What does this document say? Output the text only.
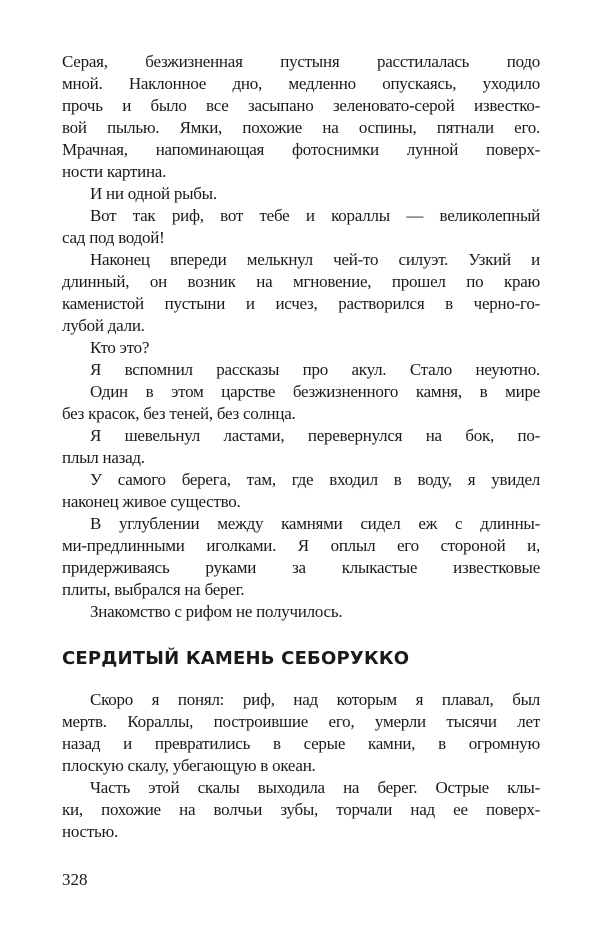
Серая, безжизненная пустыня расстилалась подо
мной. Наклонное дно, медленно опускаясь, уходило
прочь и было все засыпано зеленовато-серой известко-
вой пылью. Ямки, похожие на оспины, пятнали его.
Мрачная, напоминающая фотоснимки лунной поверх-
ности картина.
И ни одной рыбы.
Вот так риф, вот тебе и кораллы — великолепный
сад под водой!
Наконец впереди мелькнул чей-то силуэт. Узкий и
длинный, он возник на мгновение, прошел по краю
каменистой пустыни и исчез, растворился в черно-го-
лубой дали.
Кто это?
Я вспомнил рассказы про акул. Стало неуютно.
Один в этом царстве безжизненного камня, в мире
без красок, без теней, без солнца.
Я шевельнул ластами, перевернулся на бок, по-
плыл назад.
У самого берега, там, где входил в воду, я увидел
наконец живое существо.
В углублении между камнями сидел еж с длинны-
ми-предлинными иголками. Я оплыл его стороной и,
придерживаясь руками за клыкастые известковые
плиты, выбрался на берег.
Знакомство с рифом не получилось.
СЕРДИТЫЙ КАМЕНЬ СЕБОРУККО
Скоро я понял: риф, над которым я плавал, был
мертв. Кораллы, построившие его, умерли тысячи лет
назад и превратились в серые камни, в огромную
плоскую скалу, убегающую в океан.
Часть этой скалы выходила на берег. Острые клы-
ки, похожие на волчьи зубы, торчали над ее поверх-
ностью.
328
